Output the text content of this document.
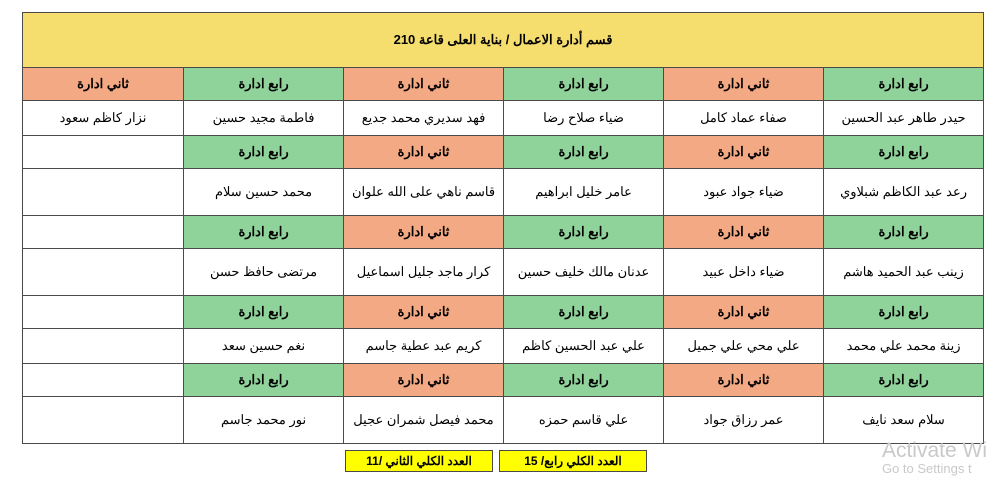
قسم أدارة الاعمال / بناية العلى قاعة 210					
رابع ادارة	ثاني ادارة	رابع ادارة	ثاني ادارة	رابع ادارة	ثاني ادارة
حيدر طاهر عبد الحسين	صفاء عماد كامل	ضياء صلاح رضا	فهد سديري محمد جديع	فاطمة مجيد حسين	نزار كاظم سعود
رابع ادارة	ثاني ادارة	رابع ادارة	ثاني ادارة	رابع ادارة	
رعد عبد الكاظم شبلاوي	ضياء جواد عبود	عامر خليل ابراهيم	قاسم ناهي على الله علوان	محمد حسين سلام	
رابع ادارة	ثاني ادارة	رابع ادارة	ثاني ادارة	رابع ادارة	
زينب عبد الحميد هاشم	ضياء داخل عبيد	عدنان مالك خليف حسين	كرار ماجد جليل اسماعيل	مرتضى حافظ حسن	
رابع ادارة	ثاني ادارة	رابع ادارة	ثاني ادارة	رابع ادارة	
زينة محمد علي محمد	علي محي علي جميل	علي عبد الحسين كاظم	كريم عبد عطية جاسم	نغم حسين سعد	
رابع ادارة	ثاني ادارة	رابع ادارة	ثاني ادارة	رابع ادارة	
سلام سعد نايف	عمر رزاق جواد	علي قاسم حمزه	محمد فيصل شمران عجيل	نور محمد جاسم	
العدد الكلي رابع/ 15
العدد الكلي الثاني /11	Activate Wi
Go to Settings t
